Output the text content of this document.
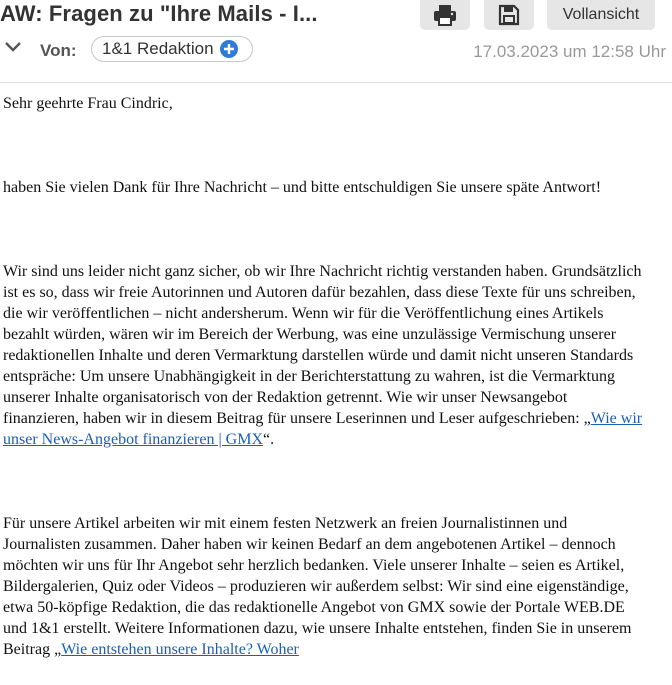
AW: Fragen zu "Ihre Mails - I...	Vollansicht
Von: 1&1 Redaktion	17.03.2023 um 12:58 Uhr

Sehr geehrte Frau Cindric,

haben Sie vielen Dank für Ihre Nachricht – und bitte entschuldigen Sie unsere späte Antwort!

Wir sind uns leider nicht ganz sicher, ob wir Ihre Nachricht richtig verstanden haben. Grundsätzlich ist es so, dass wir freie Autorinnen und Autoren dafür bezahlen, dass diese Texte für uns schreiben, die wir veröffentlichen – nicht andersherum. Wenn wir für die Veröffentlichung eines Artikels bezahlt würden, wären wir im Bereich der Werbung, was eine unzulässige Vermischung unserer redaktionellen Inhalte und deren Vermarktung darstellen würde und damit nicht unseren Standards entspräche: Um unsere Unabhängigkeit in der Berichterstattung zu wahren, ist die Vermarktung unserer Inhalte organisatorisch von der Redaktion getrennt. Wie wir unser Newsangebot finanzieren, haben wir in diesem Beitrag für unsere Leserinnen und Leser aufgeschrieben: „Wie wir unser News-Angebot finanzieren | GMX“.

Für unsere Artikel arbeiten wir mit einem festen Netzwerk an freien Journalistinnen und Journalisten zusammen. Daher haben wir keinen Bedarf an dem angebotenen Artikel – dennoch möchten wir uns für Ihr Angebot sehr herzlich bedanken. Viele unserer Inhalte – seien es Artikel, Bildergalerien, Quiz oder Videos – produzieren wir außerdem selbst: Wir sind eine eigenständige, etwa 50-köpfige Redaktion, die das redaktionelle Angebot von GMX sowie der Portale WEB.DE und 1&1 erstellt. Weitere Informationen dazu, wie unsere Inhalte entstehen, finden Sie in unserem Beitrag „Wie entstehen unsere Inhalte? Woher
